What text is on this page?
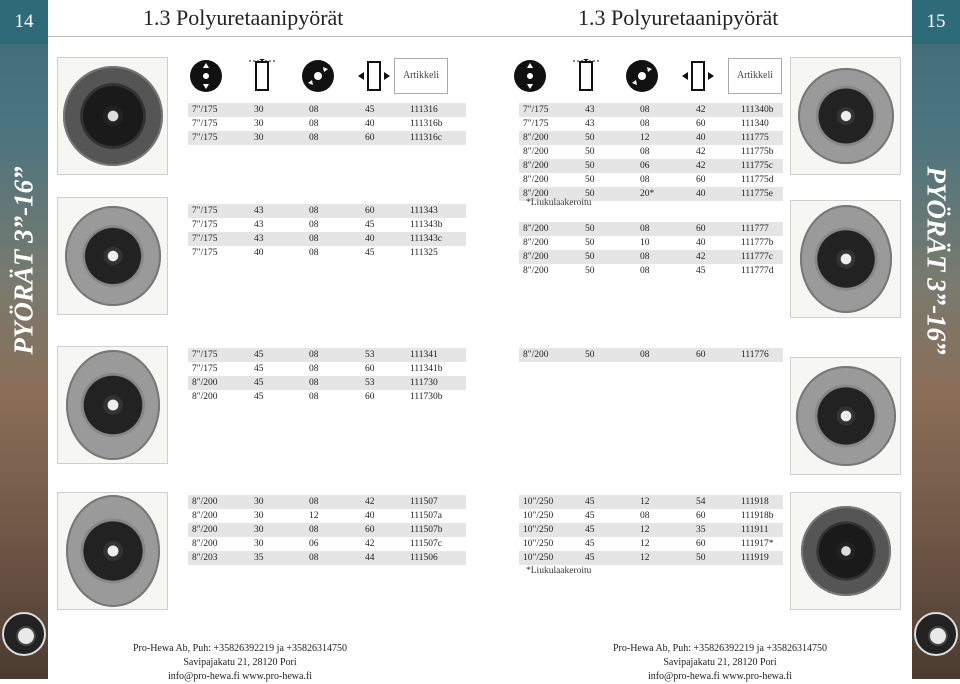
14	15
PYÖRÄT 3”-16”	PYÖRÄT 3”-16”
1.3 Polyuretaanipyörät	1.3 Polyuretaanipyörät
Artikkeli	Artikkeli
7"/175	30	08	45	111316
7"/175	30	08	40	111316b
7"/175	30	08	60	111316c
7"/175	43	08	60	111343
7"/175	43	08	45	111343b
7"/175	43	08	40	111343c
7"/175	40	08	45	111325
7"/175	45	08	53	111341
7"/175	45	08	60	111341b
8"/200	45	08	53	111730
8"/200	45	08	60	111730b
8"/200	30	08	42	111507
8"/200	30	12	40	111507a
8"/200	30	08	60	111507b
8"/200	30	06	42	111507c
8"/203	35	08	44	111506
7"/175	43	08	42	111340b
7"/175	43	08	60	111340
8"/200	50	12	40	111775
8"/200	50	08	42	111775b
8"/200	50	06	42	111775c
8"/200	50	08	60	111775d
8"/200	50	20*	40	111775e
*Liukulaakeroitu
8"/200	50	08	60	111777
8"/200	50	10	40	111777b
8"/200	50	08	42	111777c
8"/200	50	08	45	111777d
8"/200	50	08	60	111776
10"/250	45	12	54	111918
10"/250	45	08	60	111918b
10"/250	45	12	35	111911
10"/250	45	12	60	111917*
10"/250	45	12	50	111919
*Liukulaakeroitu
Pro-Hewa Ab, Puh: +35826392219 ja +35826314750
Savipajakatu 21, 28120 Pori
info@pro-hewa.fi www.pro-hewa.fi
Pro-Hewa Ab, Puh: +35826392219 ja +35826314750
Savipajakatu 21, 28120 Pori
info@pro-hewa.fi www.pro-hewa.fi
